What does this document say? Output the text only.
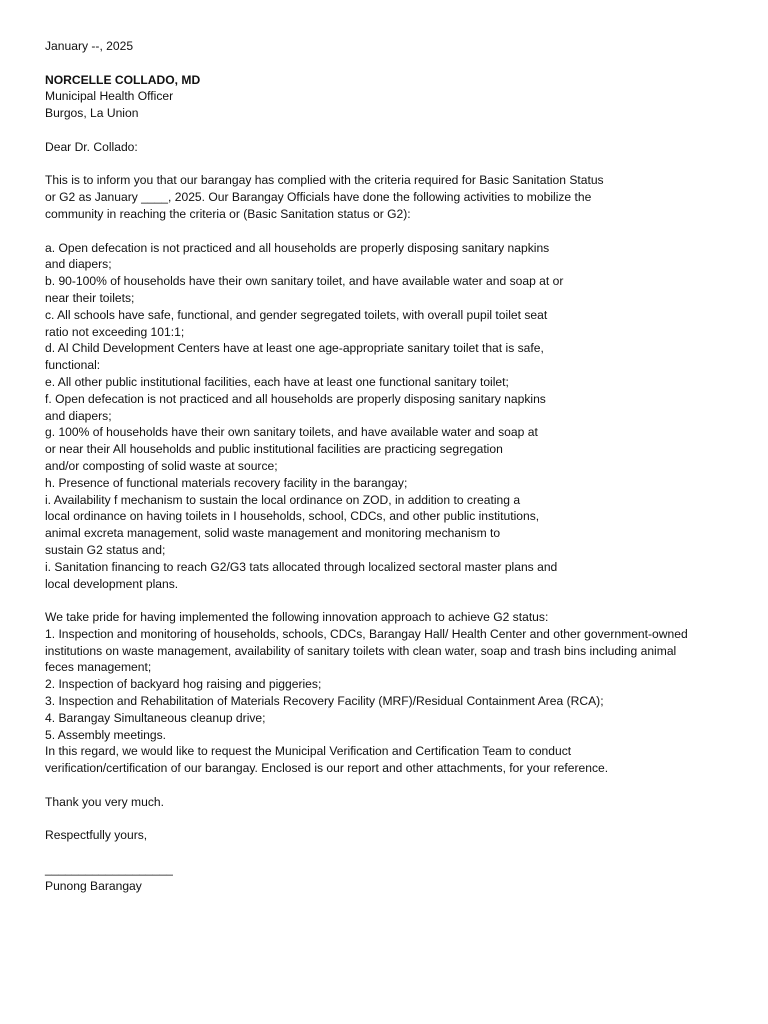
January --, 2025
NORCELLE COLLADO, MD
Municipal Health Officer
Burgos, La Union
Dear Dr. Collado:
This is to inform you that our barangay has complied with the criteria required for Basic Sanitation Status
or G2 as January ____, 2025. Our Barangay Officials have done the following activities to mobilize the
community in reaching the criteria or (Basic Sanitation status or G2):
a. Open defecation is not practiced and all households are properly disposing sanitary napkins
and diapers;
b. 90-100% of households have their own sanitary toilet, and have available water and soap at or
near their toilets;
c. All schools have safe, functional, and gender segregated toilets, with overall pupil toilet seat
ratio not exceeding 101:1;
d. Al Child Development Centers have at least one age-appropriate sanitary toilet that is safe,
functional:
e. All other public institutional facilities, each have at least one functional sanitary toilet;
f. Open defecation is not practiced and all households are properly disposing sanitary napkins
and diapers;
g. 100% of households have their own sanitary toilets, and have available water and soap at
or near their All households and public institutional facilities are practicing segregation
and/or composting of solid waste at source;
h. Presence of functional materials recovery facility in the barangay;
i. Availability f mechanism to sustain the local ordinance on ZOD, in addition to creating a
local ordinance on having toilets in I households, school, CDCs, and other public institutions,
animal excreta management, solid waste management and monitoring mechanism to
sustain G2 status and;
i. Sanitation financing to reach G2/G3 tats allocated through localized sectoral master plans and
local development plans.
We take pride for having implemented the following innovation approach to achieve G2 status:
1. Inspection and monitoring of households, schools, CDCs, Barangay Hall/ Health Center and other government-owned
institutions on waste management, availability of sanitary toilets with clean water, soap and trash bins including animal
feces management;
2. Inspection of backyard hog raising and piggeries;
3. Inspection and Rehabilitation of Materials Recovery Facility (MRF)/Residual Containment Area (RCA);
4. Barangay Simultaneous cleanup drive;
5. Assembly meetings.
In this regard, we would like to request the Municipal Verification and Certification Team to conduct
verification/certification of our barangay. Enclosed is our report and other attachments, for your reference.
Thank you very much.
Respectfully yours,
___________________
Punong Barangay
